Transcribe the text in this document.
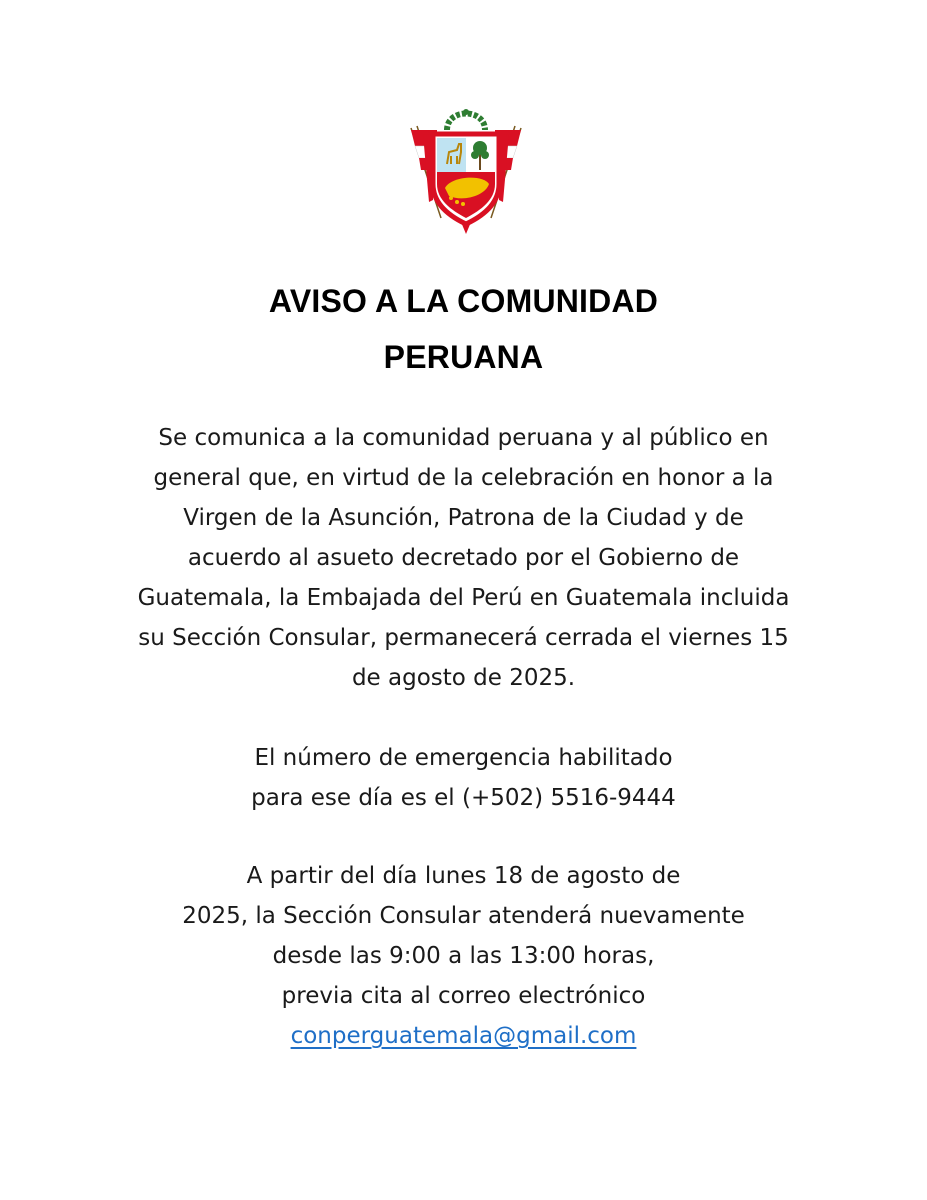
AVISO A LA COMUNIDAD
PERUANA
Se comunica a la comunidad peruana y al público en
general que, en virtud de la celebración en honor a la
Virgen de la Asunción, Patrona de la Ciudad y de
acuerdo al asueto decretado por el Gobierno de
Guatemala, la Embajada del Perú en Guatemala incluida
su Sección Consular, permanecerá cerrada el viernes 15
de agosto de 2025.
El número de emergencia habilitado
para ese día es el (+502) 5516-9444
A partir del día lunes 18 de agosto de
2025, la Sección Consular atenderá nuevamente
desde las 9:00 a las 13:00 horas,
previa cita al correo electrónico
conperguatemala@gmail.com
